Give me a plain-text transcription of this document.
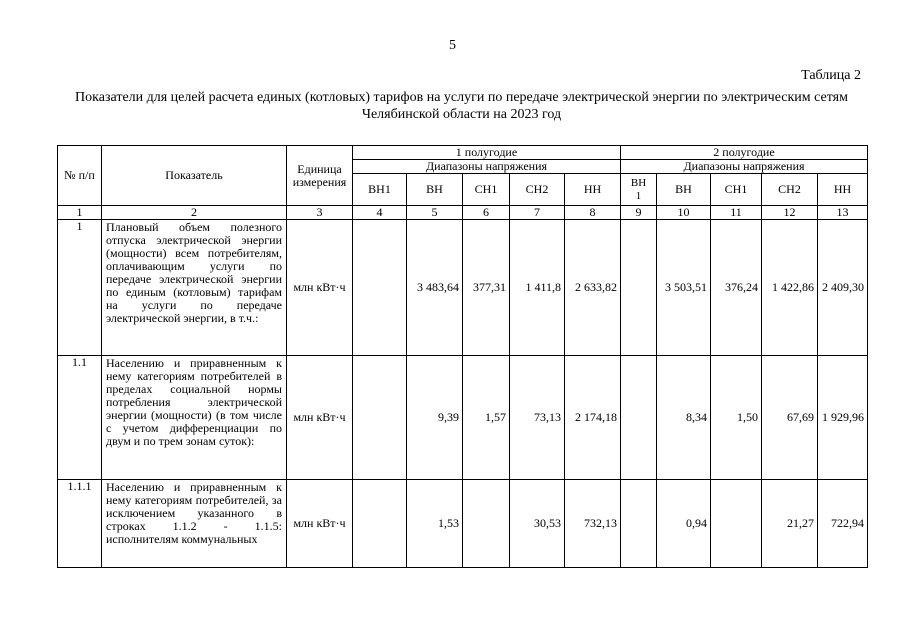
5
Таблица 2
Показатели для целей расчета единых (котловых) тарифов на услуги по передаче электрической энергии по электрическим сетям Челябинской области на 2023 год
№ п/п	Показатель	Единица измерения	1 полугодие					2 полугодие				
			Диапазоны напряжения					Диапазоны напряжения				
			ВН1	ВН	СН1	СН2	НН	ВН 1	ВН	СН1	СН2	НН
1	2	3	4	5	6	7	8	9	10	11	12	13
1	Плановый объем полезного отпуска электрической энергии (мощности) всем потребителям, оплачивающим услуги по передаче электрической энергии по единым (котловым) тарифам на услуги по передаче электрической энергии, в т.ч.:	млн кВт·ч		3 483,64	377,31	1 411,8	2 633,82		3 503,51	376,24	1 422,86	2 409,30
1.1	Населению и приравненным к нему категориям потребителей в пределах социальной нормы потребления электрической энергии (мощности) (в том числе с учетом дифференциации по двум и по трем зонам суток):	млн кВт·ч		9,39	1,57	73,13	2 174,18		8,34	1,50	67,69	1 929,96
1.1.1	Населению и приравненным к нему категориям потребителей, за исключением указанного в строках 1.1.2 - 1.1.5: исполнителям коммунальных	млн кВт·ч		1,53		30,53	732,13		0,94		21,27	722,94
